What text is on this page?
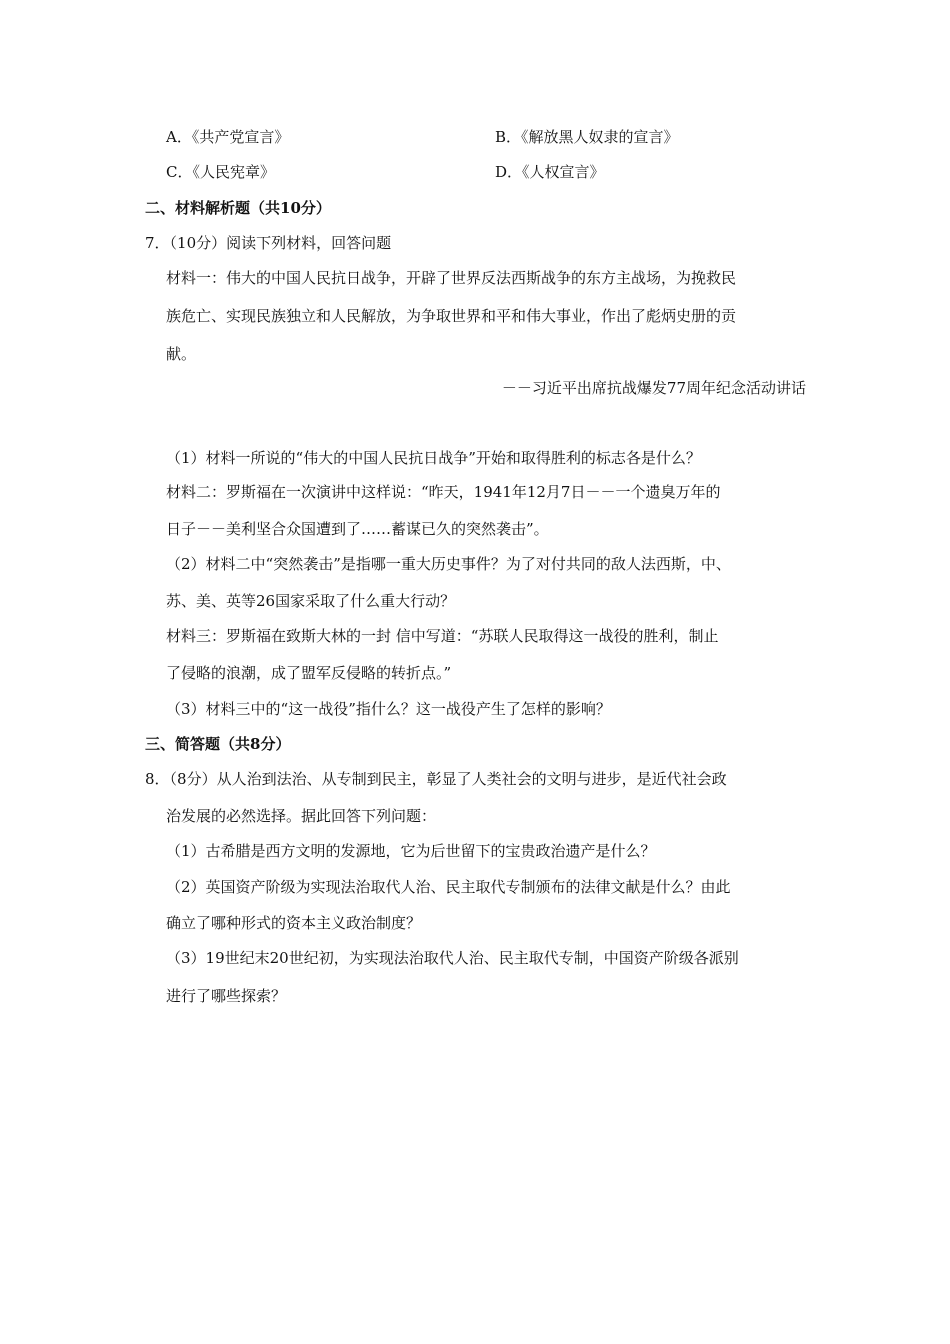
A．《共产党宣言》	B．《解放黑人奴隶的宣言》
C．《人民宪章》	D．《人权宣言》
二、材料解析题（共10分）
7．（10分）阅读下列材料，回答问题
材料一：伟大的中国人民抗日战争，开辟了世界反法西斯战争的东方主战场，为挽救民
族危亡、实现民族独立和人民解放，为争取世界和平和伟大事业，作出了彪炳史册的贡
献。
－－习近平出席抗战爆发77周年纪念活动讲话
（1）材料一所说的“伟大的中国人民抗日战争”开始和取得胜利的标志各是什么？
材料二：罗斯福在一次演讲中这样说：“昨天，1941年12月7日－－一个遗臭万年的
日子－－美利坚合众国遭到了……蓄谋已久的突然袭击”。
（2）材料二中“突然袭击”是指哪一重大历史事件？为了对付共同的敌人法西斯，中、
苏、美、英等26国家采取了什么重大行动？
材料三：罗斯福在致斯大林的一封 信中写道：“苏联人民取得这一战役的胜利，制止
了侵略的浪潮，成了盟军反侵略的转折点。”
（3）材料三中的“这一战役”指什么？这一战役产生了怎样的影响？
三、简答题（共8分）
8．（8分）从人治到法治、从专制到民主，彰显了人类社会的文明与进步，是近代社会政
治发展的必然选择。据此回答下列问题：
（1）古希腊是西方文明的发源地，它为后世留下的宝贵政治遗产是什么？
（2）英国资产阶级为实现法治取代人治、民主取代专制颁布的法律文献是什么？由此
确立了哪种形式的资本主义政治制度？
（3）19世纪末20世纪初，为实现法治取代人治、民主取代专制，中国资产阶级各派别
进行了哪些探索？
